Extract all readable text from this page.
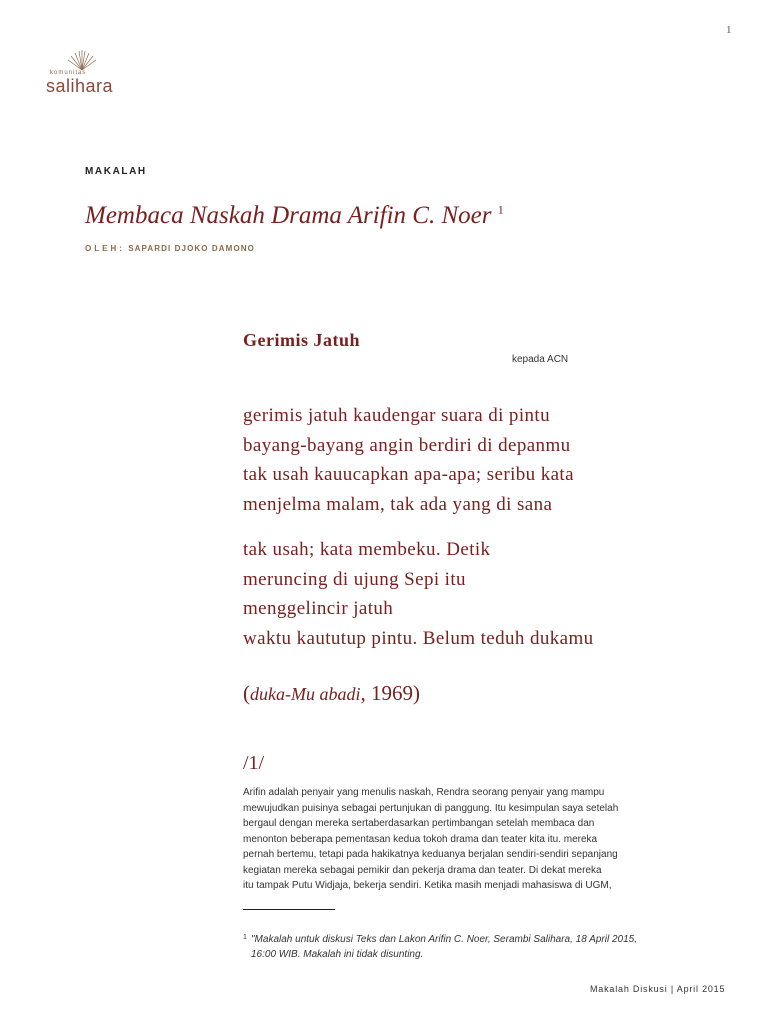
1
komunitas
salihara
MAKALAH
Membaca Naskah Drama Arifin C. Noer $^1$
OLEH: SAPARDI DJOKO DAMONO
Gerimis Jatuh
kepada ACN
gerimis jatuh kaudengar suara di pintu
bayang-bayang angin berdiri di depanmu
tak usah kauucapkan apa-apa; seribu kata
menjelma malam, tak ada yang di sana
tak usah; kata membeku. Detik
meruncing di ujung Sepi itu
menggelincir jatuh
waktu kaututup pintu. Belum teduh dukamu
(duka-Mu abadi, 1969)
/1/
Arifin adalah penyair yang menulis naskah, Rendra seorang penyair yang mampu
mewujudkan puisinya sebagai pertunjukan di panggung. Itu kesimpulan saya setelah
bergaul dengan mereka sertaberdasarkan pertimbangan setelah membaca dan
menonton beberapa pementasan kedua tokoh drama dan teater kita itu. mereka
pernah bertemu, tetapi pada hakikatnya keduanya berjalan sendiri-sendiri sepanjang
kegiatan mereka sebagai pemikir dan pekerja drama dan teater. Di dekat mereka
itu tampak Putu Widjaja, bekerja sendiri. Ketika masih menjadi mahasiswa di UGM,
1 "Makalah untuk diskusi Teks dan Lakon Arifin C. Noer, Serambi Salihara, 18 April 2015,
16:00 WIB. Makalah ini tidak disunting.
Makalah Diskusi | April 2015
